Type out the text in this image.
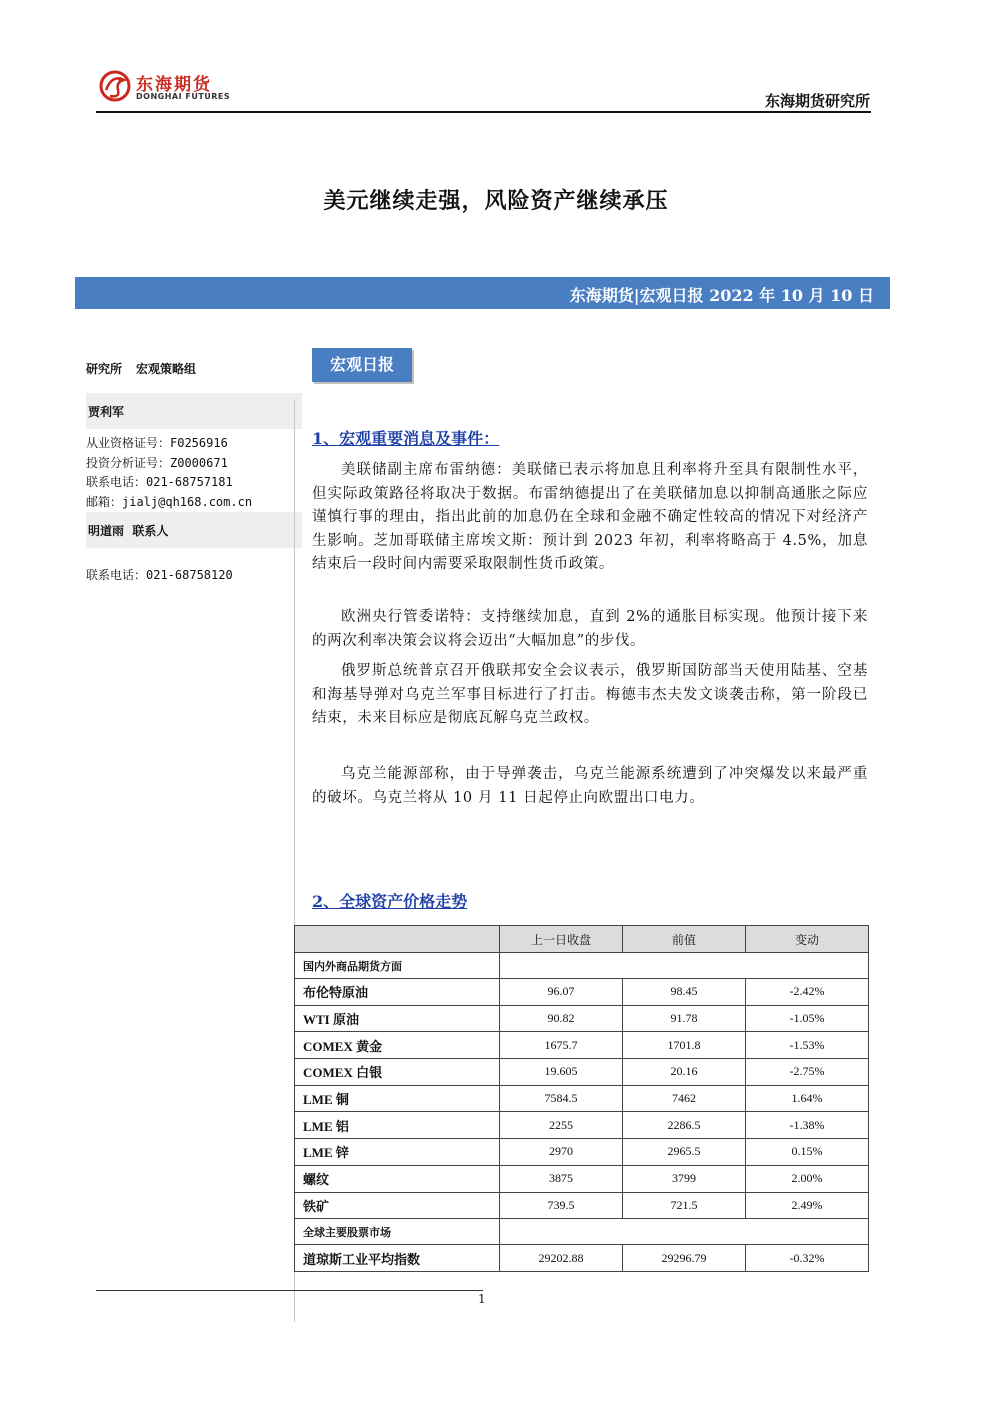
东海期货
DONGHAI FUTURES	东海期货研究所
美元继续走强，风险资产继续承压
东海期货|宏观日报 2022 年 10 月 10 日
研究所 宏观策略组
贾利军
从业资格证号：F0256916
投资分析证号：Z0000671
联系电话：021-68757181
邮箱：jialj@qh168.com.cn
明道雨 联系人
联系电话：021-68758120
宏观日报
1、宏观重要消息及事件：
美联储副主席布雷纳德：美联储已表示将加息且利率将升至具有限制性水平，但实际政策路径将取决于数据。布雷纳德提出了在美联储加息以抑制高通胀之际应谨慎行事的理由，指出此前的加息仍在全球和金融不确定性较高的情况下对经济产生影响。芝加哥联储主席埃文斯：预计到 2023 年初，利率将略高于 4.5%，加息结束后一段时间内需要采取限制性货币政策。
欧洲央行管委诺特：支持继续加息，直到 2%的通胀目标实现。他预计接下来的两次利率决策会议将会迈出“大幅加息”的步伐。
俄罗斯总统普京召开俄联邦安全会议表示，俄罗斯国防部当天使用陆基、空基和海基导弹对乌克兰军事目标进行了打击。梅德韦杰夫发文谈袭击称，第一阶段已结束，未来目标应是彻底瓦解乌克兰政权。
乌克兰能源部称，由于导弹袭击，乌克兰能源系统遭到了冲突爆发以来最严重的破坏。乌克兰将从 10 月 11 日起停止向欧盟出口电力。
2、全球资产价格走势
	上一日收盘	前值	变动
国内外商品期货方面			
布伦特原油	96.07	98.45	-2.42%
WTI 原油	90.82	91.78	-1.05%
COMEX 黄金	1675.7	1701.8	-1.53%
COMEX 白银	19.605	20.16	-2.75%
LME 铜	7584.5	7462	1.64%
LME 铝	2255	2286.5	-1.38%
LME 锌	2970	2965.5	0.15%
螺纹	3875	3799	2.00%
铁矿	739.5	721.5	2.49%
全球主要股票市场			
道琼斯工业平均指数	29202.88	29296.79	-0.32%
1
